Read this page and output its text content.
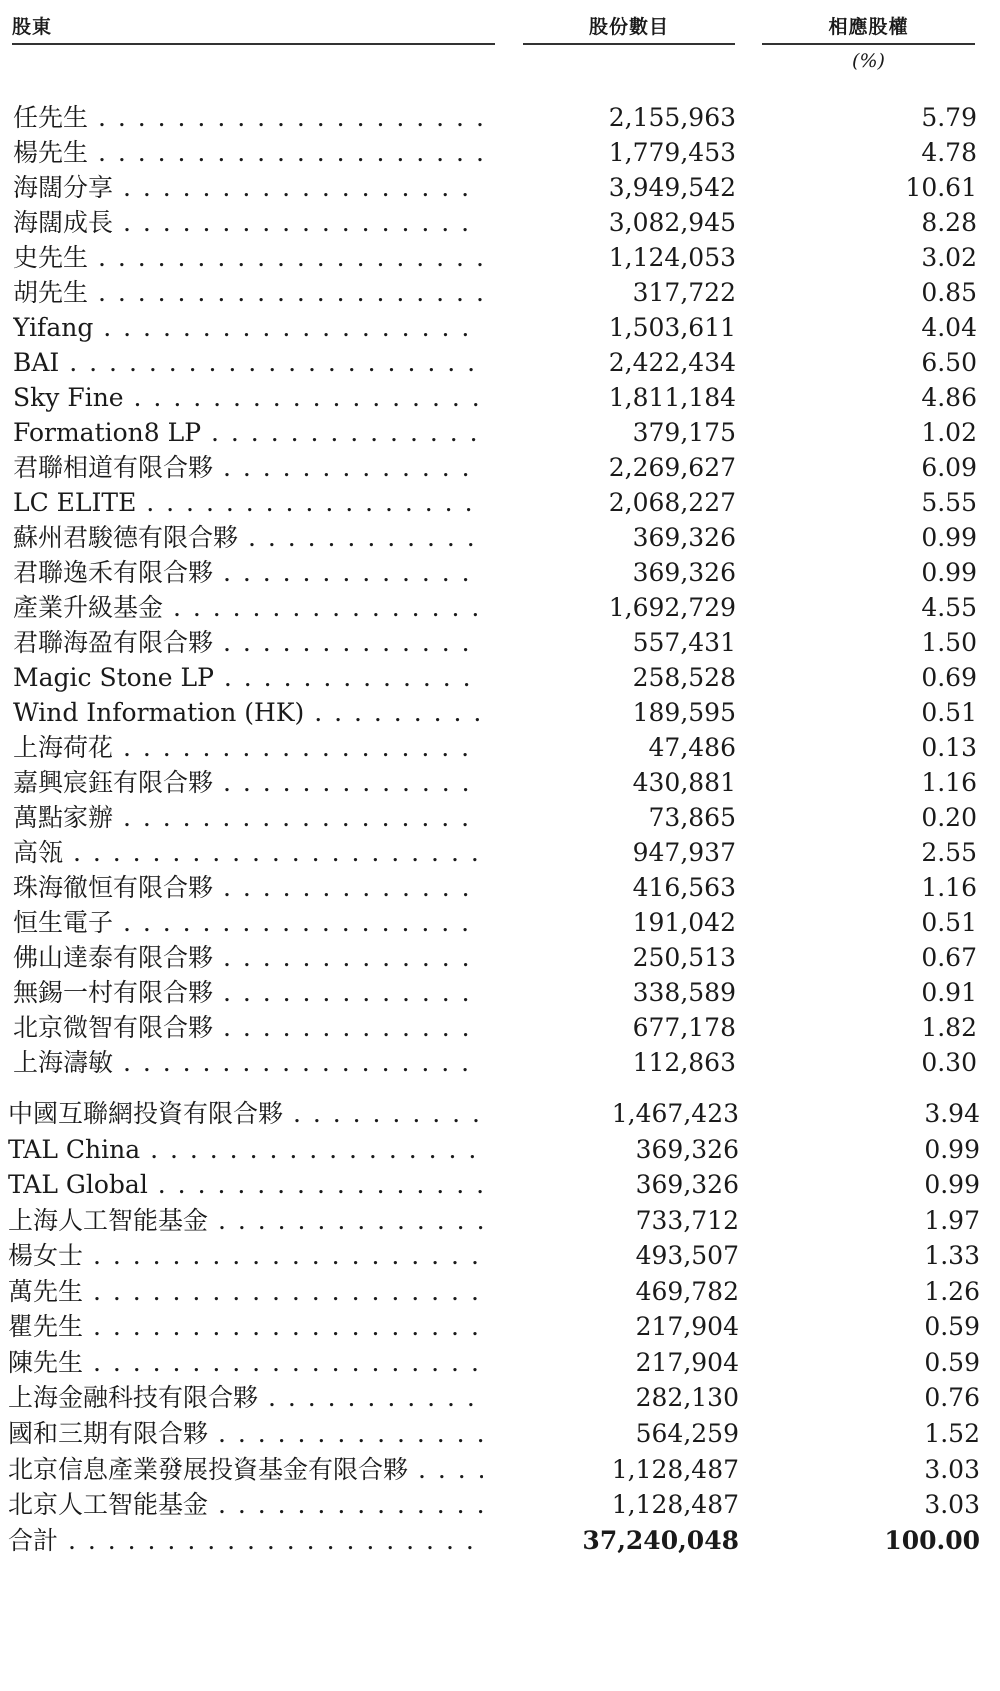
股東	股份數目	相應股權
(%)
任先生 . . .	2,155,963	5.79
楊先生 . . .	1,779,453	4.78
海闊分享 . . .	3,949,542	10.61
海闊成長 . . .	3,082,945	8.28
史先生 . . .	1,124,053	3.02
胡先生 . . .	317,722	0.85
Yifang . . .	1,503,611	4.04
BAI . . .	2,422,434	6.50
Sky Fine . . .	1,811,184	4.86
Formation8 LP . . .	379,175	1.02
君聯相道有限合夥 . . .	2,269,627	6.09
LC ELITE . . .	2,068,227	5.55
蘇州君駿德有限合夥 . . .	369,326	0.99
君聯逸禾有限合夥 . . .	369,326	0.99
產業升級基金 . . .	1,692,729	4.55
君聯海盈有限合夥 . . .	557,431	1.50
Magic Stone LP . . .	258,528	0.69
Wind Information (HK) . . .	189,595	0.51
上海荷花 . . .	47,486	0.13
嘉興宸鈺有限合夥 . . .	430,881	1.16
萬點家辦 . . .	73,865	0.20
高瓴 . . .	947,937	2.55
珠海徹恒有限合夥 . . .	416,563	1.16
恒生電子 . . .	191,042	0.51
佛山達泰有限合夥 . . .	250,513	0.67
無錫一村有限合夥 . . .	338,589	0.91
北京微智有限合夥 . . .	677,178	1.82
上海濤敏 . . .	112,863	0.30
中國互聯網投資有限合夥 . . .	1,467,423	3.94
TAL China . . .	369,326	0.99
TAL Global . . .	369,326	0.99
上海人工智能基金 . . .	733,712	1.97
楊女士 . . .	493,507	1.33
萬先生 . . .	469,782	1.26
瞿先生 . . .	217,904	0.59
陳先生 . . .	217,904	0.59
上海金融科技有限合夥 . . .	282,130	0.76
國和三期有限合夥 . . .	564,259	1.52
北京信息產業發展投資基金有限合夥 . . .	1,128,487	3.03
北京人工智能基金 . . .	1,128,487	3.03
合計 . . .	37,240,048	100.00
